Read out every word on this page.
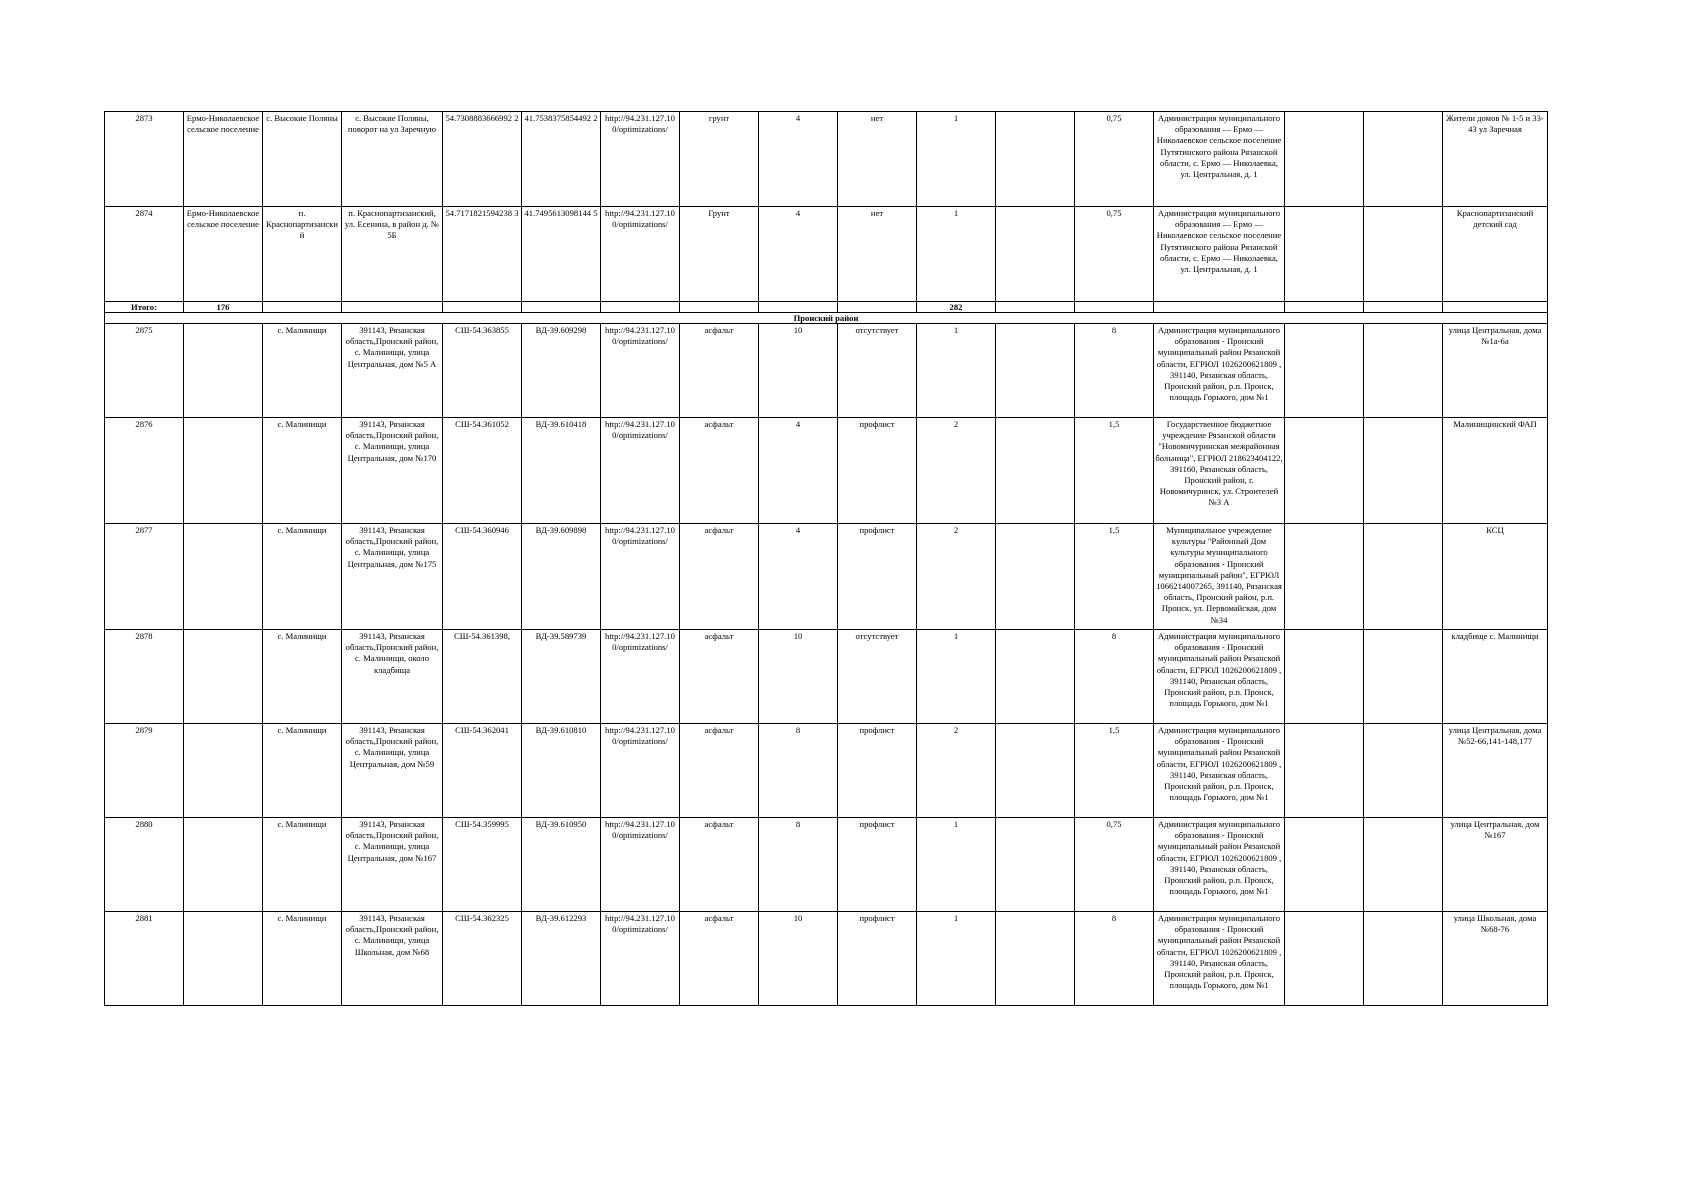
2873	Ермо-Николаевское сельское поселение	с. Высокие Поляны	с. Высокие Поляны, поворот на ул Заречную	54.7308883666992 2	41.7538375854492 2	http://94.231.127.10 0/optimizations/	грунт	4	нет	1		0,75	Администрация муниципального образования — Ермо — Николаевское сельское поселение Путятинского района Рязанской области, с. Ермо — Николаевка, ул. Центральная, д. 1			Жители домов № 1-5 и 33-43 ул Заречная
2874	Ермо-Николаевское сельское поселение	п. Краснопартизанский	п. Краснопартизанский, ул. Есенина, в район д. № 5Б	54.7171821594238 3	41.7495613098144 5	http://94.231.127.10 0/optimizations/	Грунт	4	нет	1		0,75	Администрация муниципального образования — Ермо — Николаевское сельское поселение Путятинского района Рязанской области, с. Ермо — Николаевка, ул. Центральная, д. 1			Краснопартизанский детский сад
Итого:	176									282						
Пронский район																
2875		с. Малинищи	391143, Рязанская область,Пронский район, с. Малинищи, улица Центральная, дом №5 А	СШ-54.363855	ВД-39.609298	http://94.231.127.10 0/optimizations/	асфальт	10	отсутствует	1		8	Администрация муниципального образования - Пронский муниципальный район Рязанской области, ЕГРЮЛ 1026200621809 , 391140, Рязанская область, Пронский район, р.п. Пронск, площадь Горького, дом №1			улица Центральная, дома №1а-6а
2876		с. Малинищи	391143, Рязанская область,Пронский район, с. Малинищи, улица Центральная, дом №170	СШ-54.361052	ВД-39.610418	http://94.231.127.10 0/optimizations/	асфальт	4	профлист	2		1,5	Государственное бюджетное учреждение Рязанской области "Новомичуринская межрайонная больница", ЕГРЮЛ 218623404122, 391160, Рязанская область, Пронский район, г. Новомичуринск, ул. Строителей №3 А			Малинищинский ФАП
2877		с. Малинищи	391143, Рязанская область,Пронский район, с. Малинищи, улица Центральная, дом №175	СШ-54.360946	ВД-39.609898	http://94.231.127.10 0/optimizations/	асфальт	4	профлист	2		1,5	Муниципальное учреждение культуры "Районный Дом культуры муниципального образования - Пронский муниципальный район", ЕГРЮЛ 1066214007265, 391140, Рязанская область, Пронский район, р.п. Пронск, ул. Первомайская, дом №34			КСЦ
2878		с. Малинищи	391143, Рязанская область,Пронский район, с. Малинищи, около кладбища	СШ-54.361398,	ВД-39.589739	http://94.231.127.10 0/optimizations/	асфальт	10	отсутствует	1		8	Администрация муниципального образования - Пронский муниципальный район Рязанской области, ЕГРЮЛ 1026200621809 , 391140, Рязанская область, Пронский район, р.п. Пронск, площадь Горького, дом №1			кладбище с. Малинищи
2879		с. Малинищи	391143, Рязанская область,Пронский район, с. Малинищи, улица Центральная, дом №59	СШ-54.362041	ВД-39.610810	http://94.231.127.10 0/optimizations/	асфальт	8	профлист	2		1,5	Администрация муниципального образования - Пронский муниципальный район Рязанской области, ЕГРЮЛ 1026200621809 , 391140, Рязанская область, Пронский район, р.п. Пронск, площадь Горького, дом №1			улица Центральная, дома №52-66,141-148,177
2880		с. Малинищи	391143, Рязанская область,Пронский район, с. Малинищи, улица Центральная, дом №167	СШ-54.359995	ВД-39.610950	http://94.231.127.10 0/optimizations/	асфальт	8	профлист	1		0,75	Администрация муниципального образования - Пронский муниципальный район Рязанской области, ЕГРЮЛ 1026200621809 , 391140, Рязанская область, Пронский район, р.п. Пронск, площадь Горького, дом №1			улица Центральная, дом №167
2881		с. Малинищи	391143, Рязанская область,Пронский район, с. Малинищи, улица Школьная, дом №68	СШ-54.362325	ВД-39.612293	http://94.231.127.10 0/optimizations/	асфальт	10	профлист	1		8	Администрация муниципального образования - Пронский муниципальный район Рязанской области, ЕГРЮЛ 1026200621809 , 391140, Рязанская область, Пронский район, р.п. Пронск, площадь Горького, дом №1			улица Школьная, дома №68-76
